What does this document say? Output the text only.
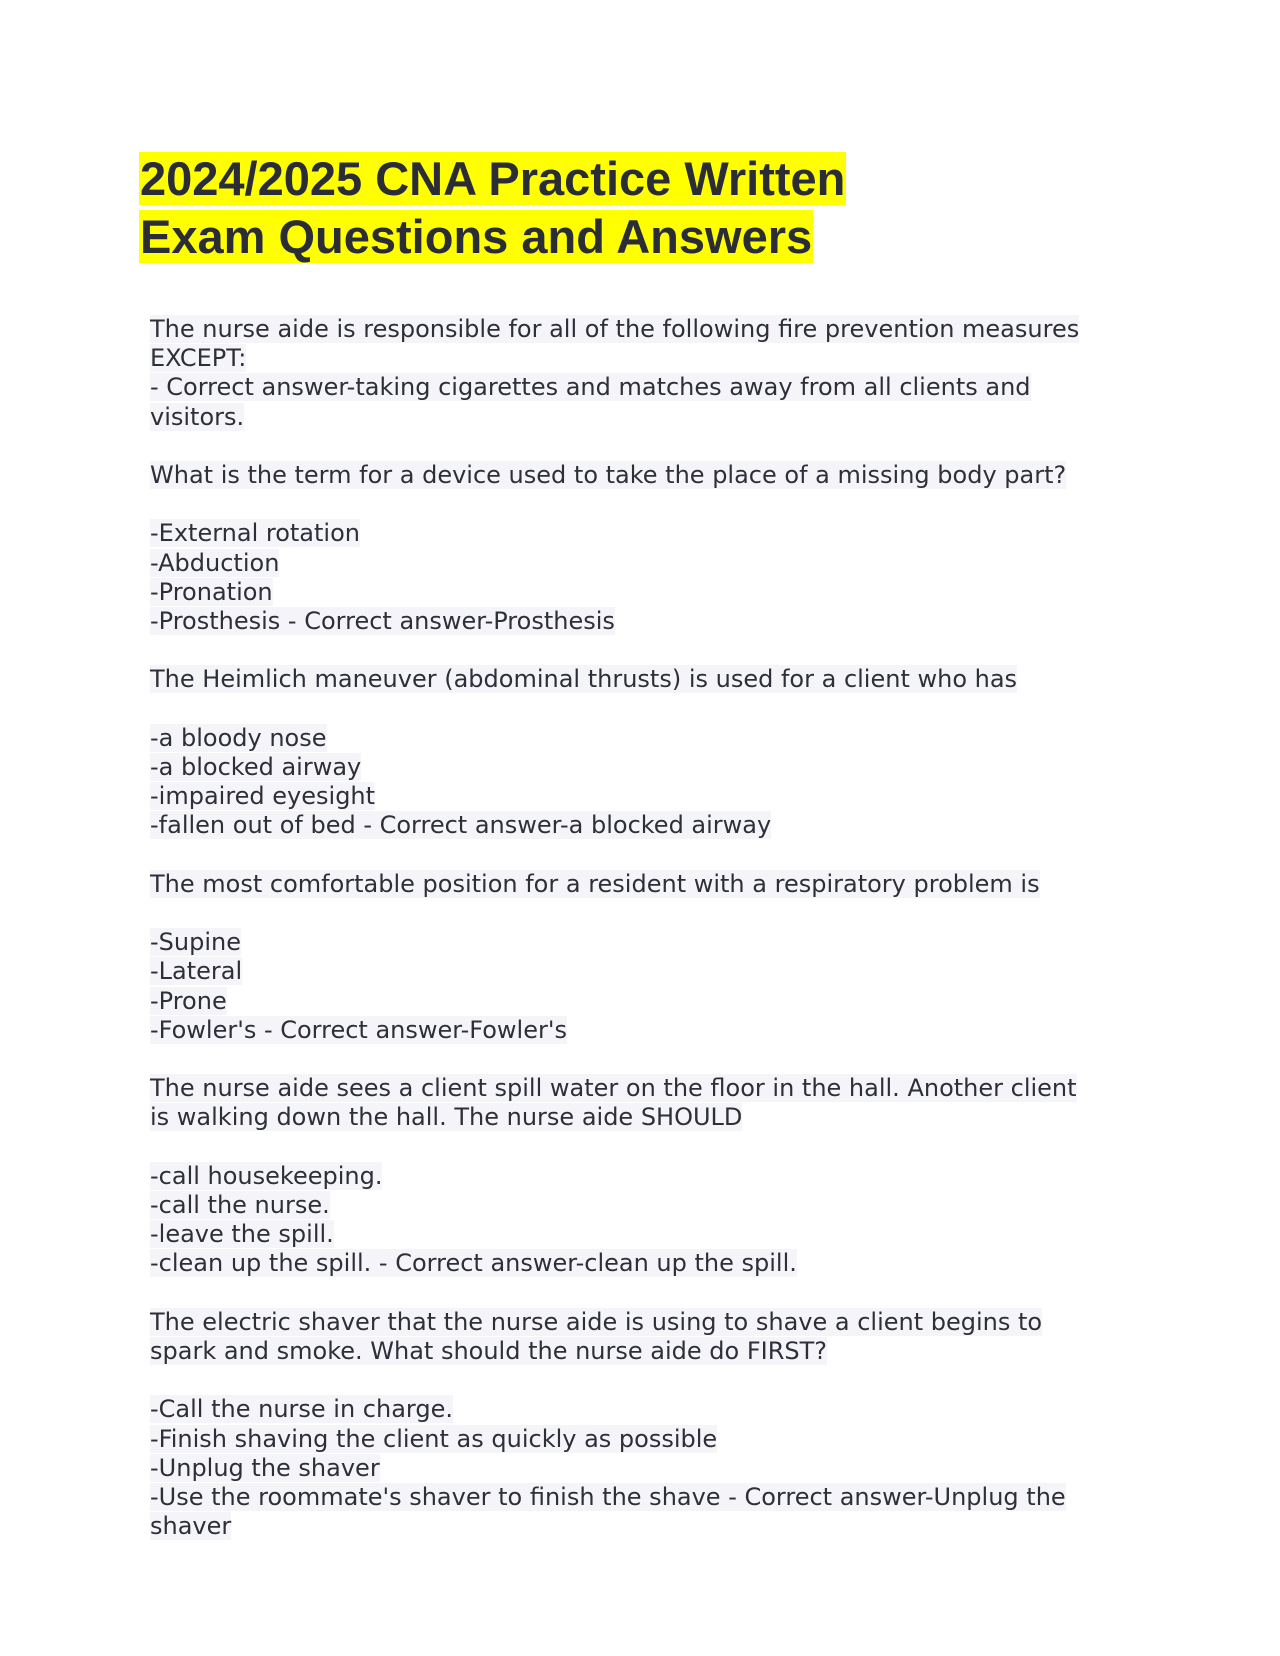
2024/2025 CNA Practice Written
Exam Questions and Answers
The nurse aide is responsible for all of the following fire prevention measures
EXCEPT:
- Correct answer-taking cigarettes and matches away from all clients and
visitors.
What is the term for a device used to take the place of a missing body part?
-External rotation
-Abduction
-Pronation
-Prosthesis - Correct answer-Prosthesis
The Heimlich maneuver (abdominal thrusts) is used for a client who has
-a bloody nose
-a blocked airway
-impaired eyesight
-fallen out of bed - Correct answer-a blocked airway
The most comfortable position for a resident with a respiratory problem is
-Supine
-Lateral
-Prone
-Fowler's - Correct answer-Fowler's
The nurse aide sees a client spill water on the floor in the hall. Another client
is walking down the hall. The nurse aide SHOULD
-call housekeeping.
-call the nurse.
-leave the spill.
-clean up the spill. - Correct answer-clean up the spill.
The electric shaver that the nurse aide is using to shave a client begins to
spark and smoke. What should the nurse aide do FIRST?
-Call the nurse in charge.
-Finish shaving the client as quickly as possible
-Unplug the shaver
-Use the roommate's shaver to finish the shave - Correct answer-Unplug the
shaver
